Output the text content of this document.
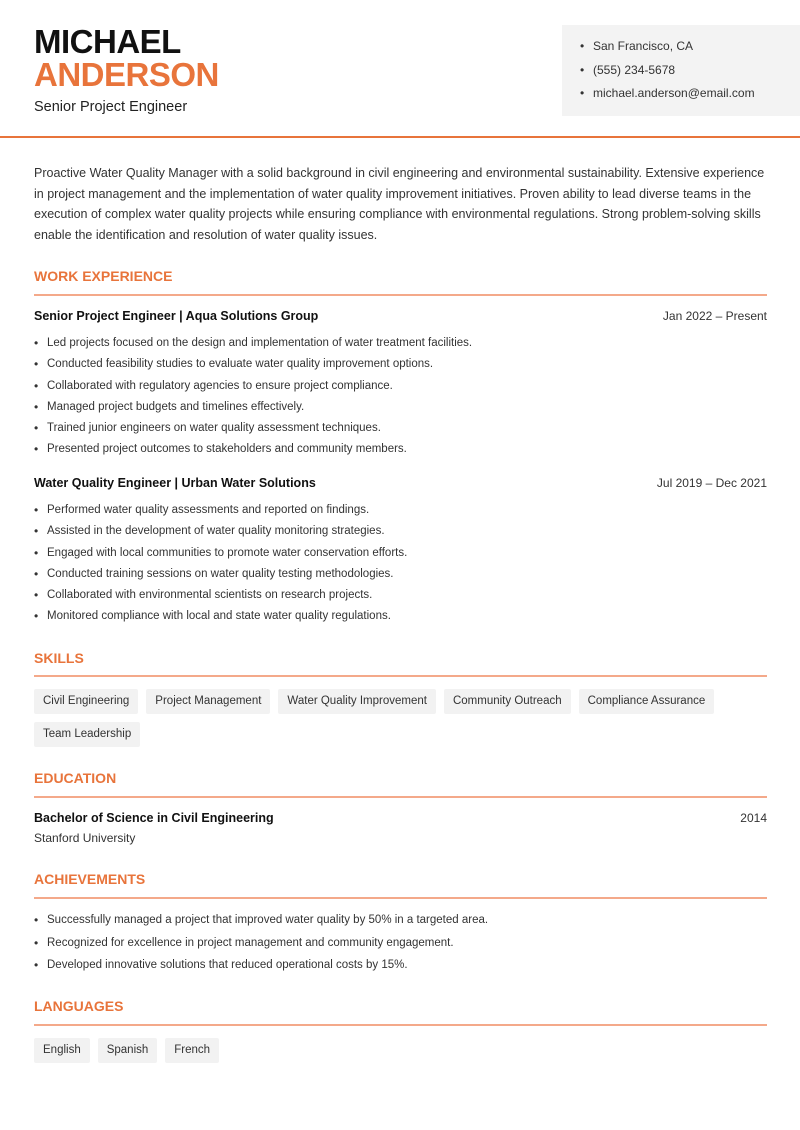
MICHAEL
ANDERSON
Senior Project Engineer
• San Francisco, CA
• (555) 234-5678
• michael.anderson@email.com

Proactive Water Quality Manager with a solid background in civil engineering and environmental sustainability. Extensive experience in project management and the implementation of water quality improvement initiatives. Proven ability to lead diverse teams in the execution of complex water quality projects while ensuring compliance with environmental regulations. Strong problem-solving skills enable the identification and resolution of water quality issues.

WORK EXPERIENCE
Senior Project Engineer | Aqua Solutions Group	Jan 2022 – Present
• Led projects focused on the design and implementation of water treatment facilities.
• Conducted feasibility studies to evaluate water quality improvement options.
• Collaborated with regulatory agencies to ensure project compliance.
• Managed project budgets and timelines effectively.
• Trained junior engineers on water quality assessment techniques.
• Presented project outcomes to stakeholders and community members.
Water Quality Engineer | Urban Water Solutions	Jul 2019 – Dec 2021
• Performed water quality assessments and reported on findings.
• Assisted in the development of water quality monitoring strategies.
• Engaged with local communities to promote water conservation efforts.
• Conducted training sessions on water quality testing methodologies.
• Collaborated with environmental scientists on research projects.
• Monitored compliance with local and state water quality regulations.
SKILLS
Civil Engineering	Project Management	Water Quality Improvement	Community Outreach	Compliance Assurance
Team Leadership
EDUCATION
Bachelor of Science in Civil Engineering	2014
Stanford University
ACHIEVEMENTS
• Successfully managed a project that improved water quality by 50% in a targeted area.
• Recognized for excellence in project management and community engagement.
• Developed innovative solutions that reduced operational costs by 15%.
LANGUAGES
English	Spanish	French
